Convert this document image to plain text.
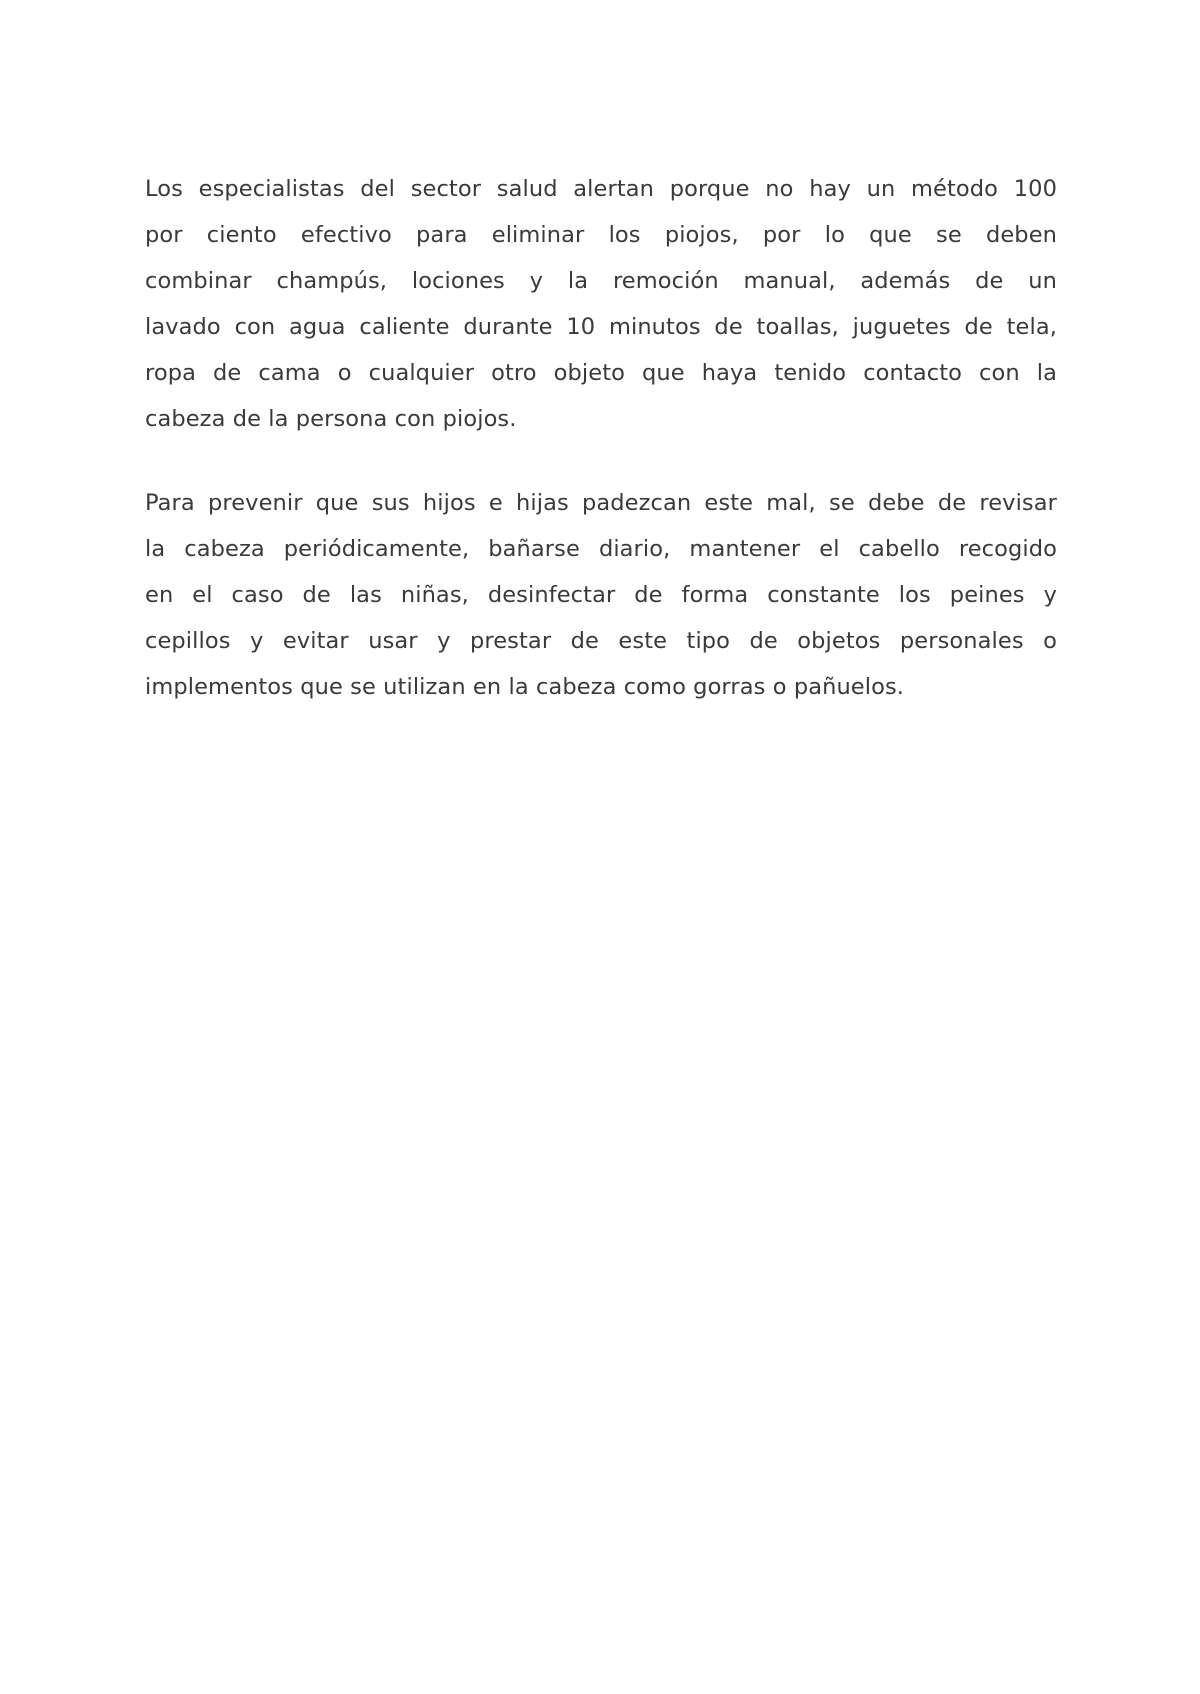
Los especialistas del sector salud alertan porque no hay un método 100
por ciento efectivo para eliminar los piojos, por lo que se deben
combinar champús, lociones y la remoción manual, además de un
lavado con agua caliente durante 10 minutos de toallas, juguetes de tela,
ropa de cama o cualquier otro objeto que haya tenido contacto con la
cabeza de la persona con piojos.

Para prevenir que sus hijos e hijas padezcan este mal, se debe de revisar
la cabeza periódicamente, bañarse diario, mantener el cabello recogido
en el caso de las niñas, desinfectar de forma constante los peines y
cepillos y evitar usar y prestar de este tipo de objetos personales o
implementos que se utilizan en la cabeza como gorras o pañuelos.
